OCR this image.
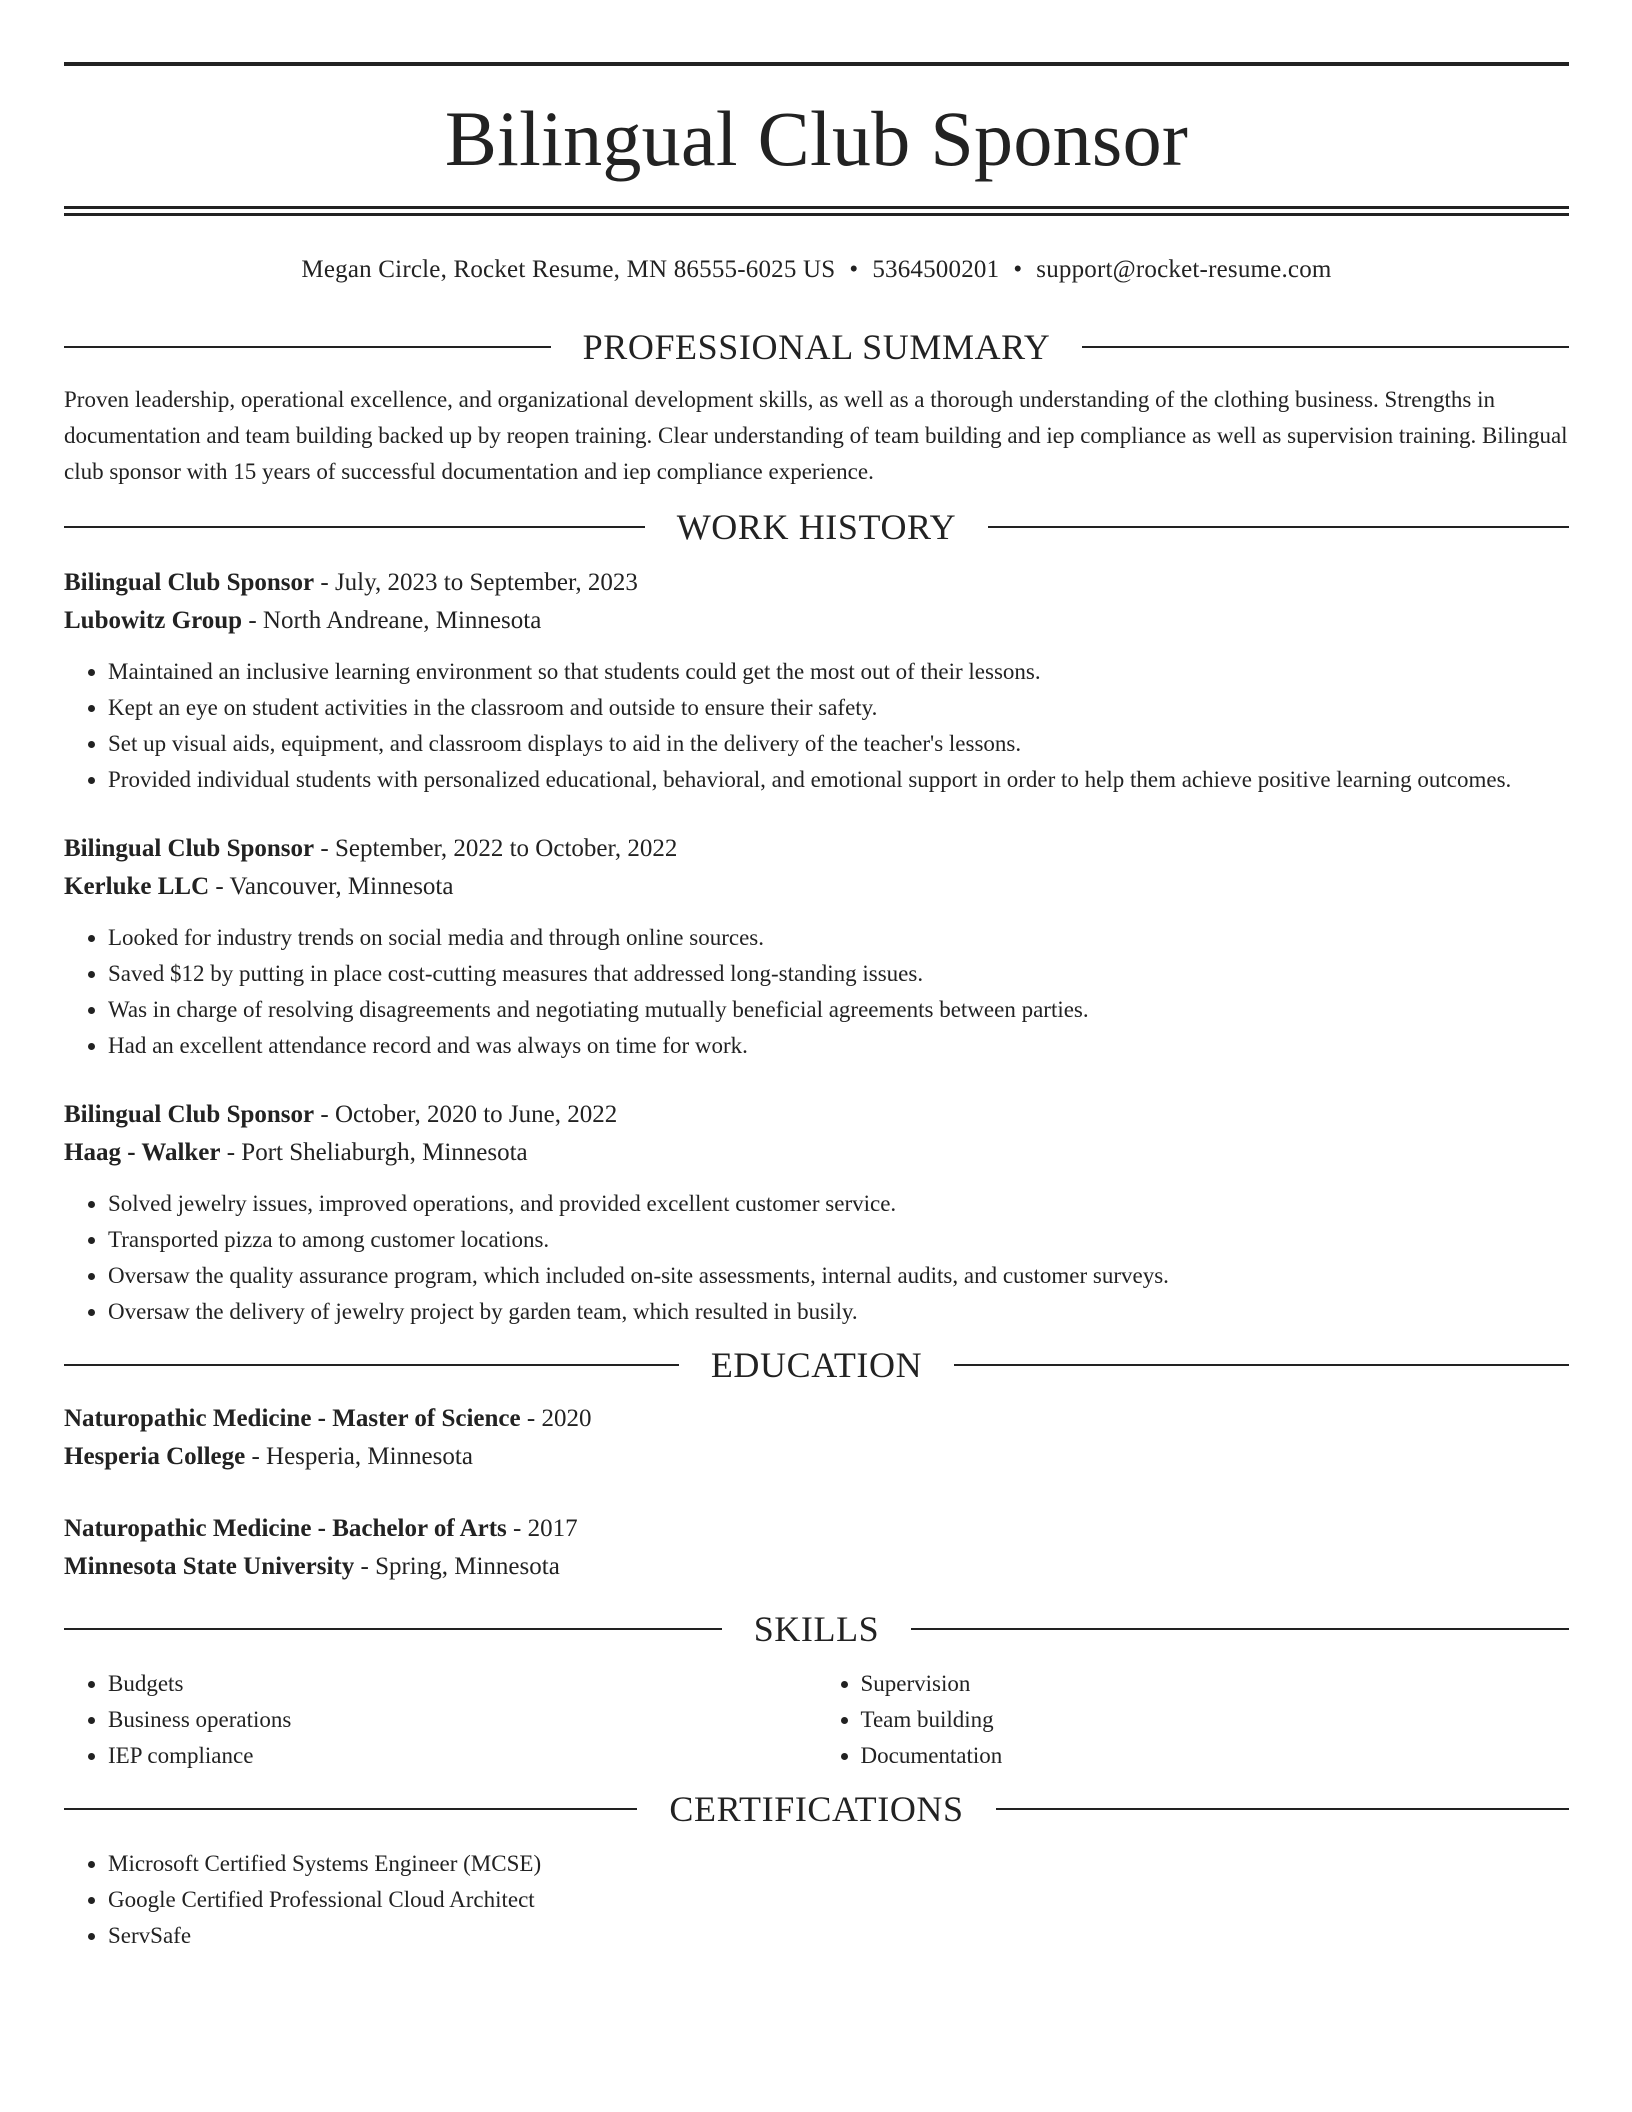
Bilingual Club Sponsor
Megan Circle, Rocket Resume, MN 86555-6025 US • 5364500201 • support@rocket-resume.com
PROFESSIONAL SUMMARY

Proven leadership, operational excellence, and organizational development skills, as well as a thorough understanding of the clothing business. Strengths in documentation and team building backed up by reopen training. Clear understanding of team building and iep compliance as well as supervision training. Bilingual club sponsor with 15 years of successful documentation and iep compliance experience.

WORK HISTORY
Bilingual Club Sponsor - July, 2023 to September, 2023
Lubowitz Group - North Andreane, Minnesota
• Maintained an inclusive learning environment so that students could get the most out of their lessons.
• Kept an eye on student activities in the classroom and outside to ensure their safety.
• Set up visual aids, equipment, and classroom displays to aid in the delivery of the teacher's lessons.
• Provided individual students with personalized educational, behavioral, and emotional support in order to help them achieve positive learning outcomes.
Bilingual Club Sponsor - September, 2022 to October, 2022
Kerluke LLC - Vancouver, Minnesota
• Looked for industry trends on social media and through online sources.
• Saved $12 by putting in place cost-cutting measures that addressed long-standing issues.
• Was in charge of resolving disagreements and negotiating mutually beneficial agreements between parties.
• Had an excellent attendance record and was always on time for work.
Bilingual Club Sponsor - October, 2020 to June, 2022
Haag - Walker - Port Sheliaburgh, Minnesota
• Solved jewelry issues, improved operations, and provided excellent customer service.
• Transported pizza to among customer locations.
• Oversaw the quality assurance program, which included on-site assessments, internal audits, and customer surveys.
• Oversaw the delivery of jewelry project by garden team, which resulted in busily.
EDUCATION
Naturopathic Medicine - Master of Science - 2020
Hesperia College - Hesperia, Minnesota
Naturopathic Medicine - Bachelor of Arts - 2017
Minnesota State University - Spring, Minnesota
SKILLS
• Budgets
• Business operations
• IEP compliance
• Supervision
• Team building
• Documentation
CERTIFICATIONS
• Microsoft Certified Systems Engineer (MCSE)
• Google Certified Professional Cloud Architect
• ServSafe
